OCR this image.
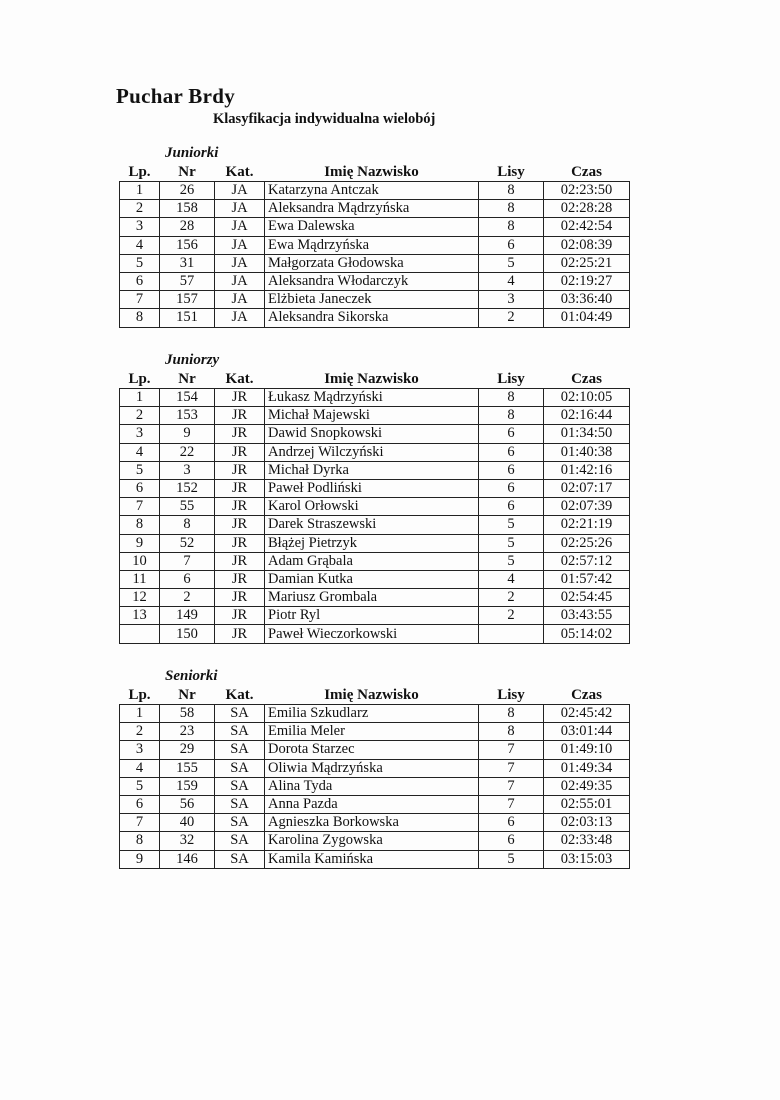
Puchar Brdy
Klasyfikacja indywidualna wielobój
Juniorki
Lp.	Nr	Kat.	Imię Nazwisko	Lisy	Czas
1	26	JA	Katarzyna Antczak	8	02:23:50
2	158	JA	Aleksandra Mądrzyńska	8	02:28:28
3	28	JA	Ewa Dalewska	8	02:42:54
4	156	JA	Ewa Mądrzyńska	6	02:08:39
5	31	JA	Małgorzata Głodowska	5	02:25:21
6	57	JA	Aleksandra Włodarczyk	4	02:19:27
7	157	JA	Elżbieta Janeczek	3	03:36:40
8	151	JA	Aleksandra Sikorska	2	01:04:49
Juniorzy
Lp.	Nr	Kat.	Imię Nazwisko	Lisy	Czas
1	154	JR	Łukasz Mądrzyński	8	02:10:05
2	153	JR	Michał Majewski	8	02:16:44
3	9	JR	Dawid Snopkowski	6	01:34:50
4	22	JR	Andrzej Wilczyński	6	01:40:38
5	3	JR	Michał Dyrka	6	01:42:16
6	152	JR	Paweł Podliński	6	02:07:17
7	55	JR	Karol Orłowski	6	02:07:39
8	8	JR	Darek Straszewski	5	02:21:19
9	52	JR	Błążej Pietrzyk	5	02:25:26
10	7	JR	Adam Grąbala	5	02:57:12
11	6	JR	Damian Kutka	4	01:57:42
12	2	JR	Mariusz Grombala	2	02:54:45
13	149	JR	Piotr Ryl	2	03:43:55
	150	JR	Paweł Wieczorkowski		05:14:02
Seniorki
Lp.	Nr	Kat.	Imię Nazwisko	Lisy	Czas
1	58	SA	Emilia Szkudlarz	8	02:45:42
2	23	SA	Emilia Meler	8	03:01:44
3	29	SA	Dorota Starzec	7	01:49:10
4	155	SA	Oliwia Mądrzyńska	7	01:49:34
5	159	SA	Alina Tyda	7	02:49:35
6	56	SA	Anna Pazda	7	02:55:01
7	40	SA	Agnieszka Borkowska	6	02:03:13
8	32	SA	Karolina Zygowska	6	02:33:48
9	146	SA	Kamila Kamińska	5	03:15:03
